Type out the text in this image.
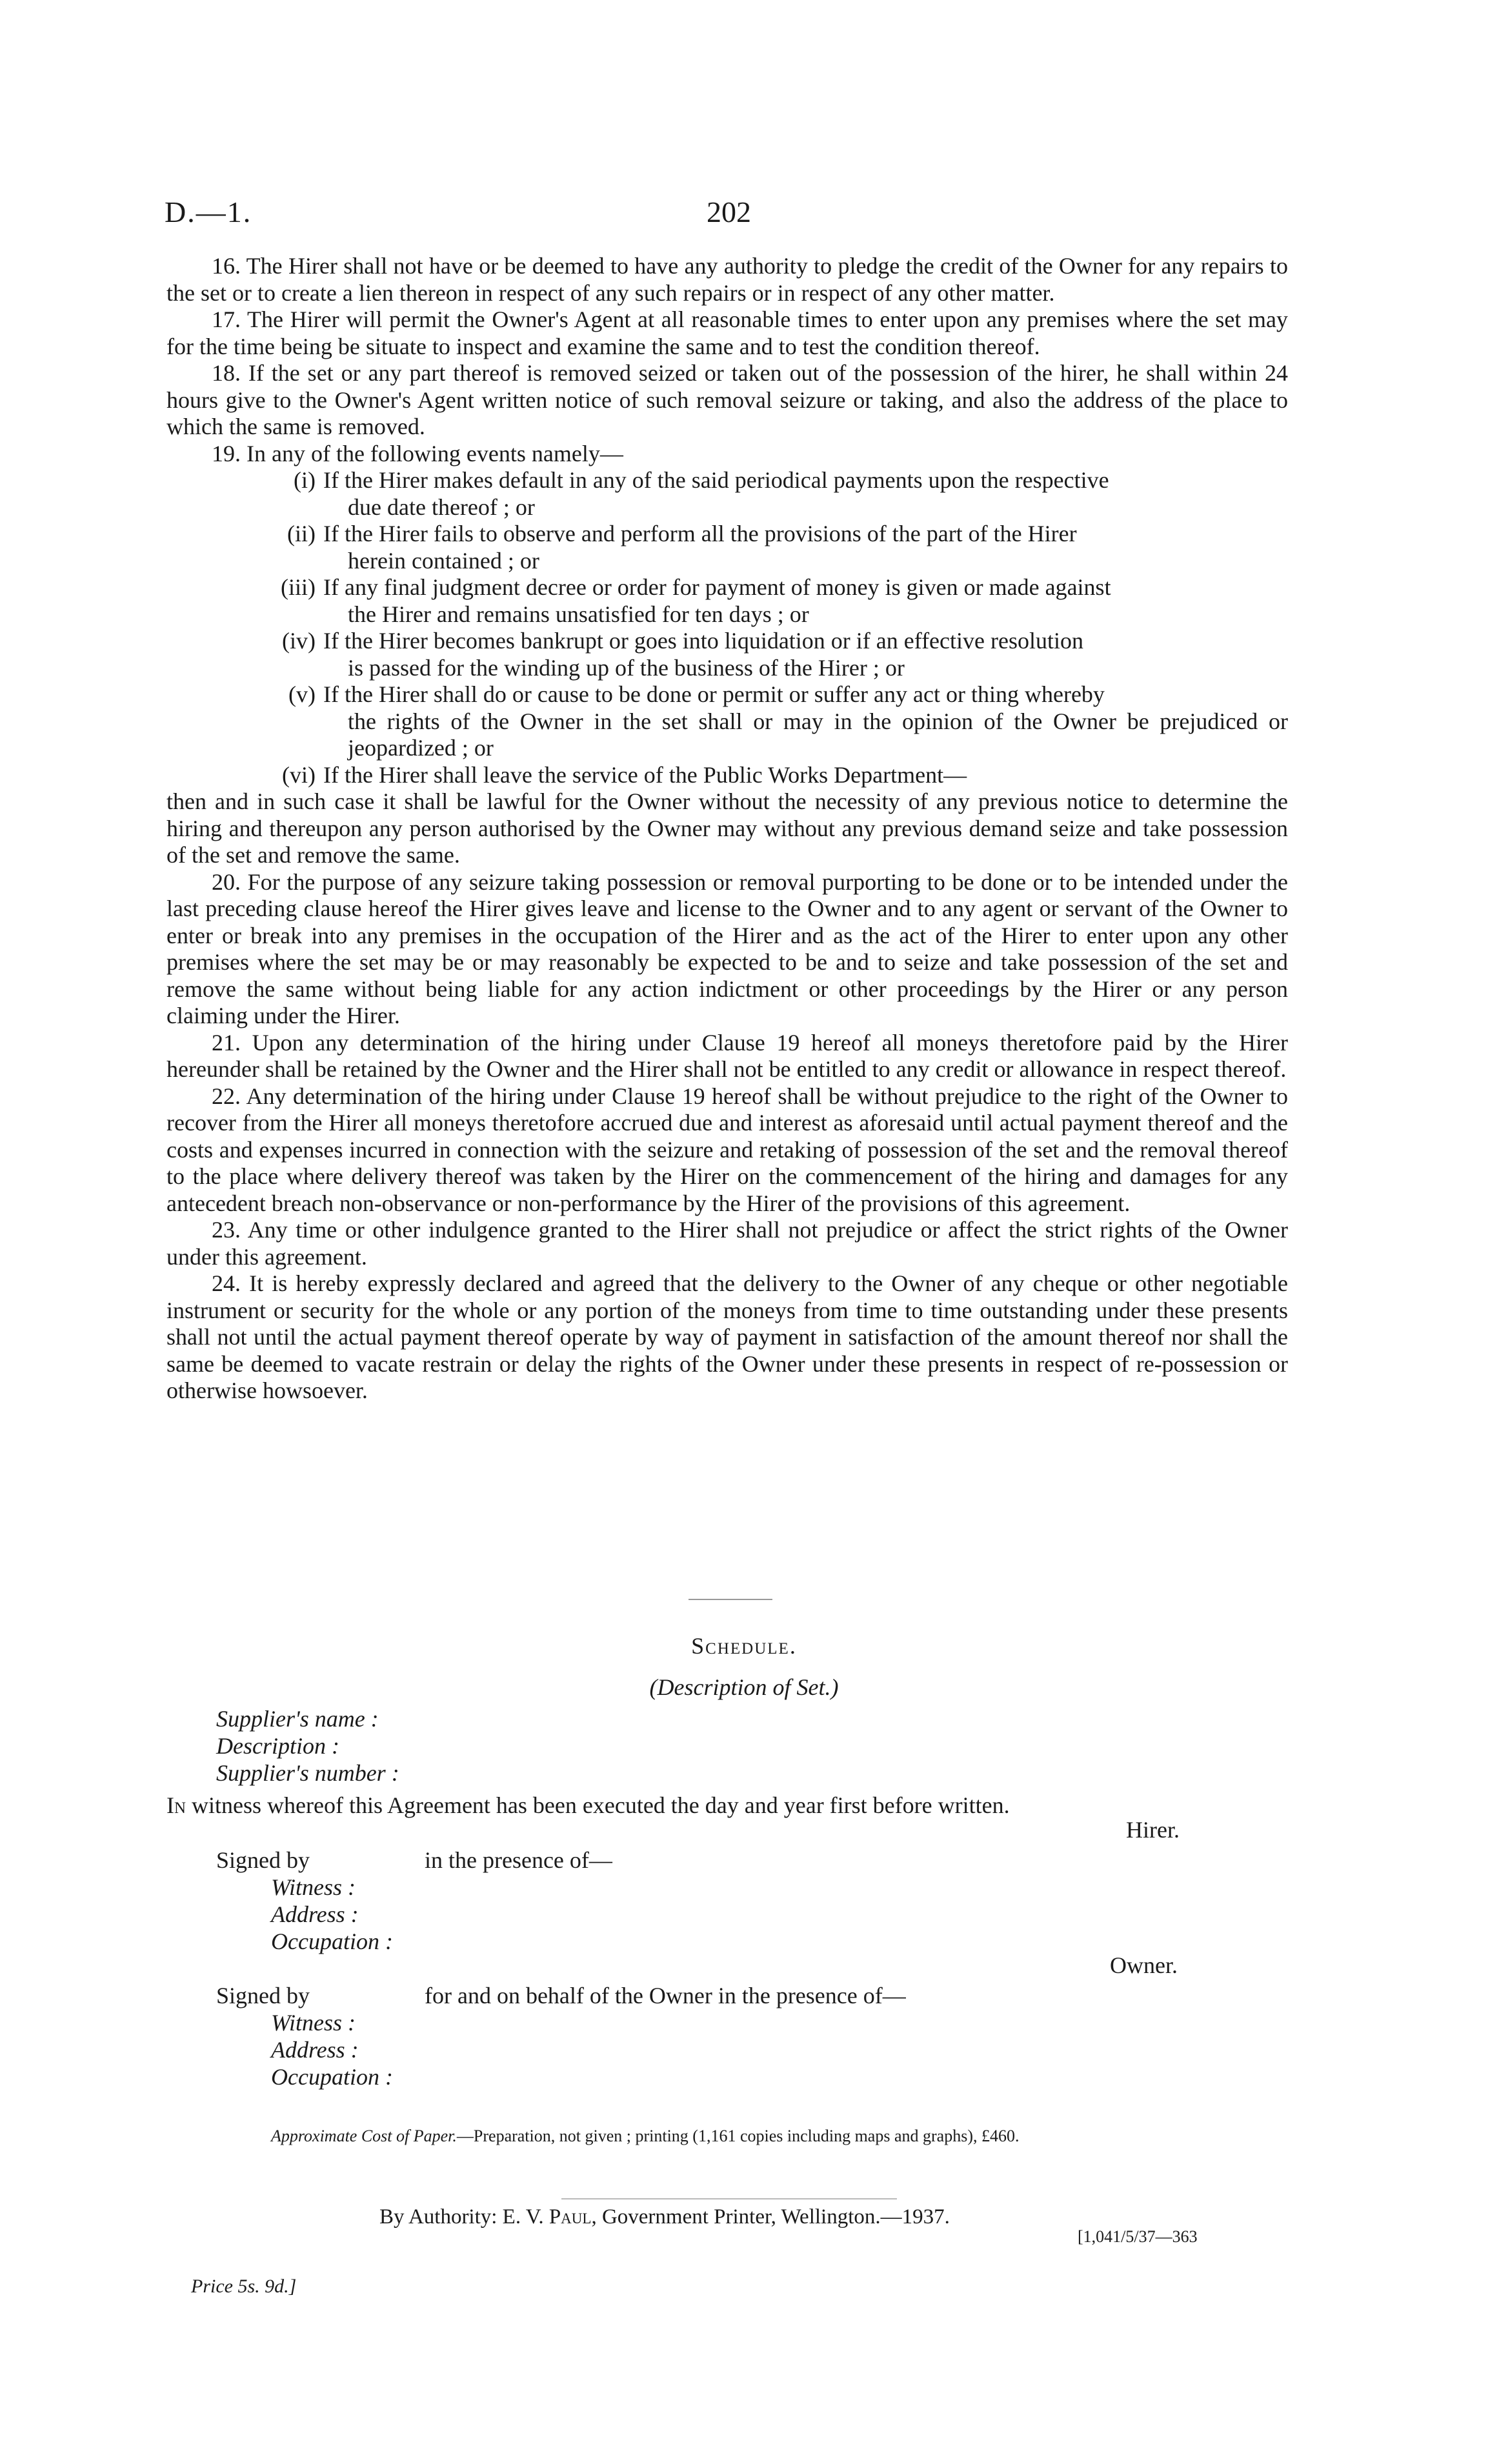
D.—1.	202

16. The Hirer shall not have or be deemed to have any authority to pledge the credit of the Owner for any repairs to the set or to create a lien thereon in respect of any such repairs or in respect of any other matter.

17. The Hirer will permit the Owner's Agent at all reasonable times to enter upon any premises where the set may for the time being be situate to inspect and examine the same and to test the condition thereof.

18. If the set or any part thereof is removed seized or taken out of the possession of the hirer, he shall within 24 hours give to the Owner's Agent written notice of such removal seizure or taking, and also the address of the place to which the same is removed.

19. In any of the following events namely—

(i) If the Hirer makes default in any of the said periodical payments upon the respective
due date thereof ; or
(ii) If the Hirer fails to observe and perform all the provisions of the part of the Hirer
herein contained ; or
(iii) If any final judgment decree or order for payment of money is given or made against
the Hirer and remains unsatisfied for ten days ; or
(iv) If the Hirer becomes bankrupt or goes into liquidation or if an effective resolution
is passed for the winding up of the business of the Hirer ; or
(v) If the Hirer shall do or cause to be done or permit or suffer any act or thing whereby
the rights of the Owner in the set shall or may in the opinion of the Owner be prejudiced or jeopardized ; or
(vi) If the Hirer shall leave the service of the Public Works Department—

then and in such case it shall be lawful for the Owner without the necessity of any previous notice to determine the hiring and thereupon any person authorised by the Owner may without any previous demand seize and take possession of the set and remove the same.

20. For the purpose of any seizure taking possession or removal purporting to be done or to be intended under the last preceding clause hereof the Hirer gives leave and license to the Owner and to any agent or servant of the Owner to enter or break into any premises in the occupation of the Hirer and as the act of the Hirer to enter upon any other premises where the set may be or may reasonably be expected to be and to seize and take possession of the set and remove the same without being liable for any action indictment or other proceedings by the Hirer or any person claiming under the Hirer.

21. Upon any determination of the hiring under Clause 19 hereof all moneys theretofore paid by the Hirer hereunder shall be retained by the Owner and the Hirer shall not be entitled to any credit or allowance in respect thereof.

22. Any determination of the hiring under Clause 19 hereof shall be without prejudice to the right of the Owner to recover from the Hirer all moneys theretofore accrued due and interest as aforesaid until actual payment thereof and the costs and expenses incurred in connection with the seizure and retaking of possession of the set and the removal thereof to the place where delivery thereof was taken by the Hirer on the commencement of the hiring and damages for any antecedent breach non-observance or non-performance by the Hirer of the provisions of this agreement.

23. Any time or other indulgence granted to the Hirer shall not prejudice or affect the strict rights of the Owner under this agreement.

24. It is hereby expressly declared and agreed that the delivery to the Owner of any cheque or other negotiable instrument or security for the whole or any portion of the moneys from time to time outstanding under these presents shall not until the actual payment thereof operate by way of payment in satisfaction of the amount thereof nor shall the same be deemed to vacate restrain or delay the rights of the Owner under these presents in respect of re-possession or otherwise howsoever.

Schedule.
(Description of Set.)
Supplier's name :
Description :
Supplier's number :
In witness whereof this Agreement has been executed the day and year first before written.
Hirer.
Signed by	in the presence of—
Witness :
Address :
Occupation :
Owner.
Signed by	for and on behalf of the Owner in the presence of—
Witness :
Address :
Occupation :
Approximate Cost of Paper.—Preparation, not given ; printing (1,161 copies including maps and graphs), £460.
By Authority: E. V. Paul, Government Printer, Wellington.—1937.
[1,041/5/37—363
Price 5s. 9d.]
